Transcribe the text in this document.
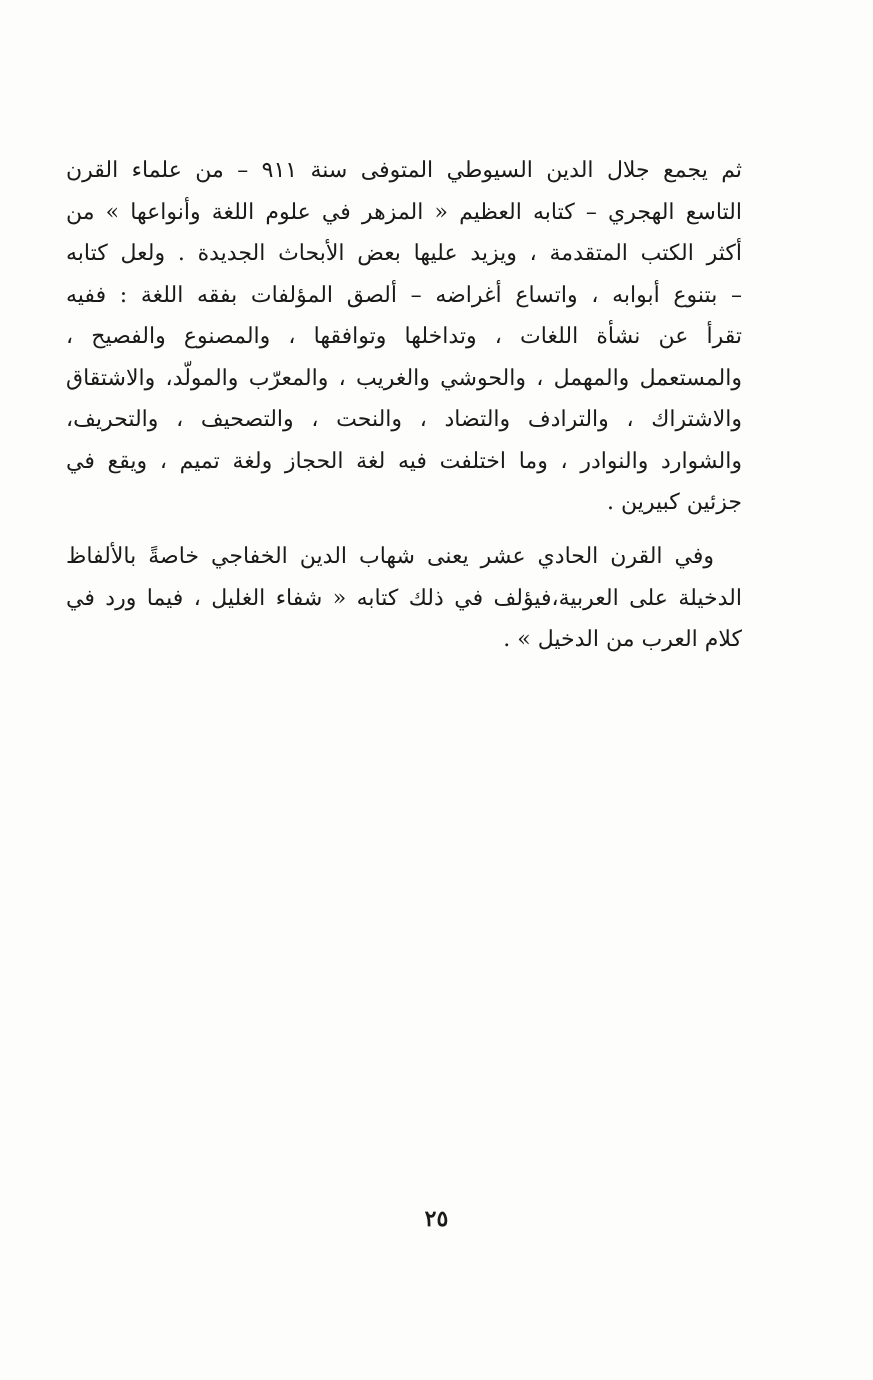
ثم يجمع جلال الدين السيوطي المتوفى سنة ٩١١ – من علماء القرن
التاسع الهجري – كتابه العظيم « المزهر في علوم اللغة وأنواعها » من
أكثر الكتب المتقدمة ، ويزيد عليها بعض الأبحاث الجديدة . ولعل كتابه
– بتنوع أبوابه ، واتساع أغراضه – ألصق المؤلفات بفقه اللغة : ففيه
تقرأ عن نشأة اللغات ، وتداخلها وتوافقها ، والمصنوع والفصيح ،
والمستعمل والمهمل ، والحوشي والغريب ، والمعرّب والمولّد، والاشتقاق
والاشتراك ، والترادف والتضاد ، والنحت ، والتصحيف ، والتحريف،
والشوارد والنوادر ، وما اختلفت فيه لغة الحجاز ولغة تميم ، ويقع في
جزئين كبيرين .
وفي القرن الحادي عشر يعنى شهاب الدين الخفاجي خاصةً بالألفاظ
الدخيلة على العربية،فيؤلف في ذلك كتابه « شفاء الغليل ، فيما ورد في
كلام العرب من الدخيل » .
٢٥
